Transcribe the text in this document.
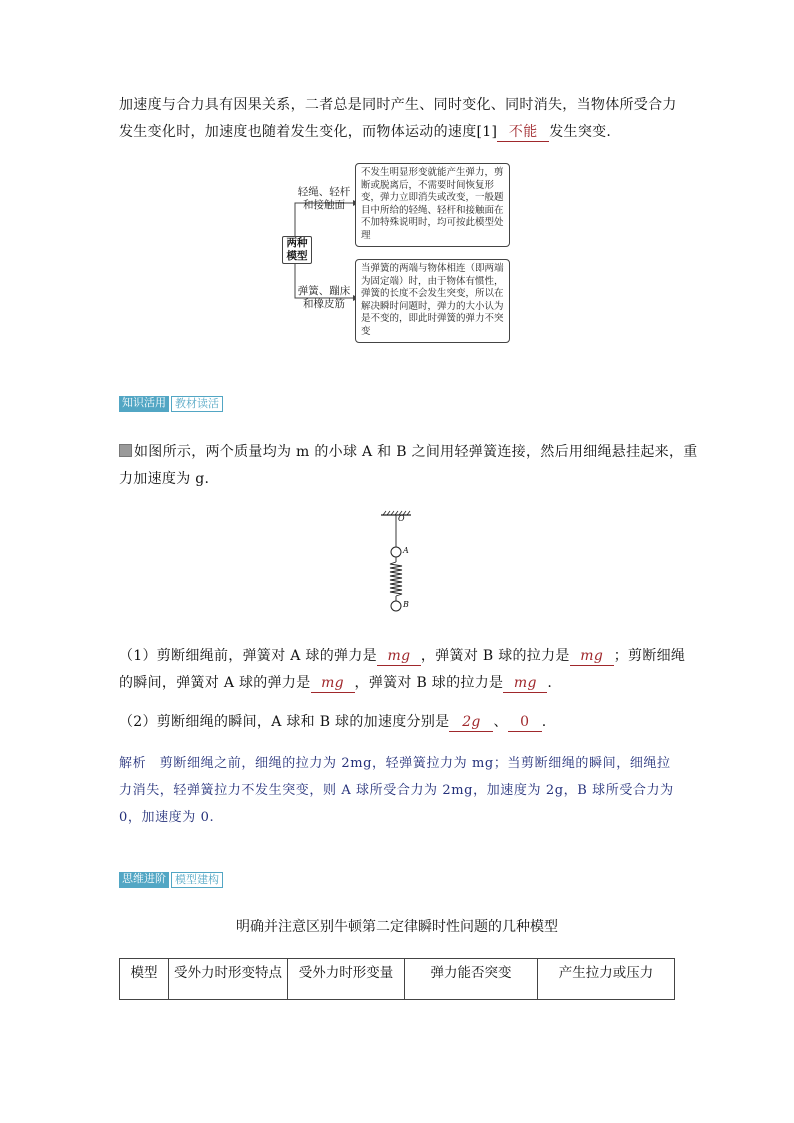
加速度与合力具有因果关系，二者总是同时产生、同时变化、同时消失，当物体所受合力
发生变化时，加速度也随着发生变化，而物体运动的速度[1] 不能 发生突变.
两种模型
轻绳、轻杆
和接触面
弹簧、蹦床
和橡皮筋
不发生明显形变就能产生弹力，剪断或脱离后，不需要时间恢复形变，弹力立即消失或改变，一般题目中所给的轻绳、轻杆和接触面在不加特殊说明时，均可按此模型处理
当弹簧的两端与物体相连（即两端为固定端）时，由于物体有惯性，弹簧的长度不会发生突变，所以在解决瞬时问题时，弹力的大小认为是不变的，即此时弹簧的弹力不突变
知识活用 教材读活
如图所示，两个质量均为 m 的小球 A 和 B 之间用轻弹簧连接，然后用细绳悬挂起来，重
力加速度为 g.
O
A
B
（1）剪断细绳前，弹簧对 A 球的弹力是 mg ，弹簧对 B 球的拉力是 mg ；剪断细绳
的瞬间，弹簧对 A 球的弹力是 mg ，弹簧对 B 球的拉力是 mg .
（2）剪断细绳的瞬间，A 球和 B 球的加速度分别是 2g 、 0 .
解析　剪断细绳之前，细绳的拉力为 2mg，轻弹簧拉力为 mg；当剪断细绳的瞬间，细绳拉
力消失，轻弹簧拉力不发生突变，则 A 球所受合力为 2mg，加速度为 2g，B 球所受合力为
0，加速度为 0.
思维进阶 模型建构
明确并注意区别牛顿第二定律瞬时性问题的几种模型
模型	受外力时形变特点	受外力时形变量	弹力能否突变	产生拉力或压力
